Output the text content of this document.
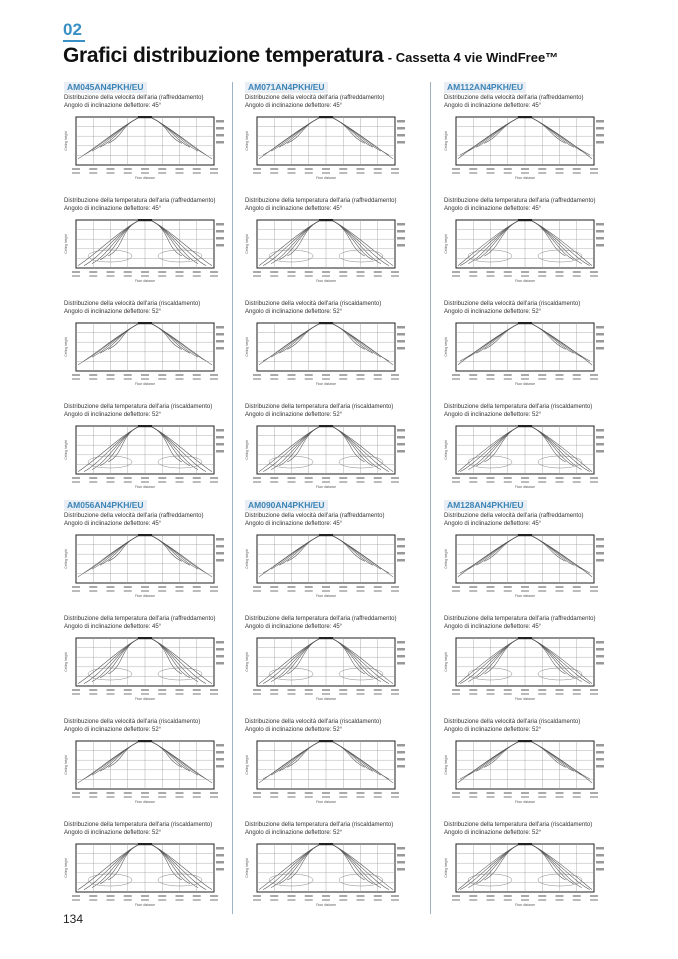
02
Grafici distribuzione temperatura - Cassetta 4 vie WindFree™
AM045AN4PKH/EU
Distribuzione della velocità dell'aria (raffreddamento)
Angolo di inclinazione deflettore: 45°
Ceiling height
Floor distance
Distribuzione della temperatura dell'aria (raffreddamento)
Angolo di inclinazione deflettore: 45°
Ceiling height
Floor distance
Distribuzione della velocità dell'aria (riscaldamento)
Angolo di inclinazione deflettore: 52°
Ceiling height
Floor distance
Distribuzione della temperatura dell'aria (riscaldamento)
Angolo di inclinazione deflettore: 52°
Ceiling height
Floor distance
AM071AN4PKH/EU
Distribuzione della velocità dell'aria (raffreddamento)
Angolo di inclinazione deflettore: 45°
Ceiling height
Floor distance
Distribuzione della temperatura dell'aria (raffreddamento)
Angolo di inclinazione deflettore: 45°
Ceiling height
Floor distance
Distribuzione della velocità dell'aria (riscaldamento)
Angolo di inclinazione deflettore: 52°
Ceiling height
Floor distance
Distribuzione della temperatura dell'aria (riscaldamento)
Angolo di inclinazione deflettore: 52°
Ceiling height
Floor distance
AM112AN4PKH/EU
Distribuzione della velocità dell'aria (raffreddamento)
Angolo di inclinazione deflettore: 45°
Ceiling height
Floor distance
Distribuzione della temperatura dell'aria (raffreddamento)
Angolo di inclinazione deflettore: 45°
Ceiling height
Floor distance
Distribuzione della velocità dell'aria (riscaldamento)
Angolo di inclinazione deflettore: 52°
Ceiling height
Floor distance
Distribuzione della temperatura dell'aria (riscaldamento)
Angolo di inclinazione deflettore: 52°
Ceiling height
Floor distance
AM056AN4PKH/EU
Distribuzione della velocità dell'aria (raffreddamento)
Angolo di inclinazione deflettore: 45°
Ceiling height
Floor distance
Distribuzione della temperatura dell'aria (raffreddamento)
Angolo di inclinazione deflettore: 45°
Ceiling height
Floor distance
Distribuzione della velocità dell'aria (riscaldamento)
Angolo di inclinazione deflettore: 52°
Ceiling height
Floor distance
Distribuzione della temperatura dell'aria (riscaldamento)
Angolo di inclinazione deflettore: 52°
Ceiling height
Floor distance
AM090AN4PKH/EU
Distribuzione della velocità dell'aria (raffreddamento)
Angolo di inclinazione deflettore: 45°
Ceiling height
Floor distance
Distribuzione della temperatura dell'aria (raffreddamento)
Angolo di inclinazione deflettore: 45°
Ceiling height
Floor distance
Distribuzione della velocità dell'aria (riscaldamento)
Angolo di inclinazione deflettore: 52°
Ceiling height
Floor distance
Distribuzione della temperatura dell'aria (riscaldamento)
Angolo di inclinazione deflettore: 52°
Ceiling height
Floor distance
AM128AN4PKH/EU
Distribuzione della velocità dell'aria (raffreddamento)
Angolo di inclinazione deflettore: 45°
Ceiling height
Floor distance
Distribuzione della temperatura dell'aria (raffreddamento)
Angolo di inclinazione deflettore: 45°
Ceiling height
Floor distance
Distribuzione della velocità dell'aria (riscaldamento)
Angolo di inclinazione deflettore: 52°
Ceiling height
Floor distance
Distribuzione della temperatura dell'aria (riscaldamento)
Angolo di inclinazione deflettore: 52°
Ceiling height
Floor distance
134
